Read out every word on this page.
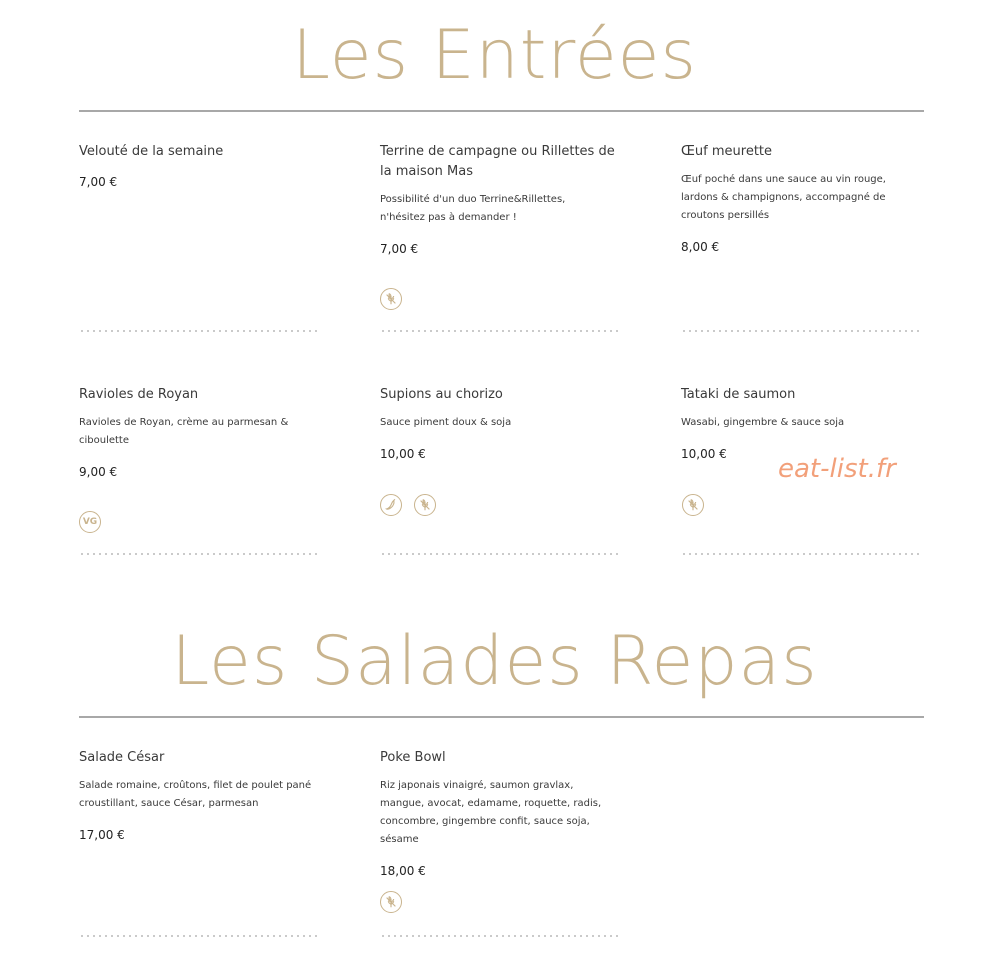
Les Entrées

Velouté de la semaine

7,00 €

Terrine de campagne ou Rillettes de la maison Mas

Possibilité d'un duo Terrine&Rillettes, n'hésitez pas à demander !

7,00 €

Œuf meurette

Œuf poché dans une sauce au vin rouge, lardons & champignons, accompagné de croutons persillés

8,00 €

Ravioles de Royan

Ravioles de Royan, crème au parmesan & ciboulette

9,00 €

VG

Supions au chorizo

Sauce piment doux & soja

10,00 €

Tataki de saumon

Wasabi, gingembre & sauce soja

10,00 €	eat-list.fr
Les Salades Repas

Salade César

Salade romaine, croûtons, filet de poulet pané croustillant, sauce César, parmesan

17,00 €

Poke Bowl

Riz japonais vinaigré, saumon gravlax, mangue, avocat, edamame, roquette, radis, concombre, gingembre confit, sauce soja, sésame

18,00 €
